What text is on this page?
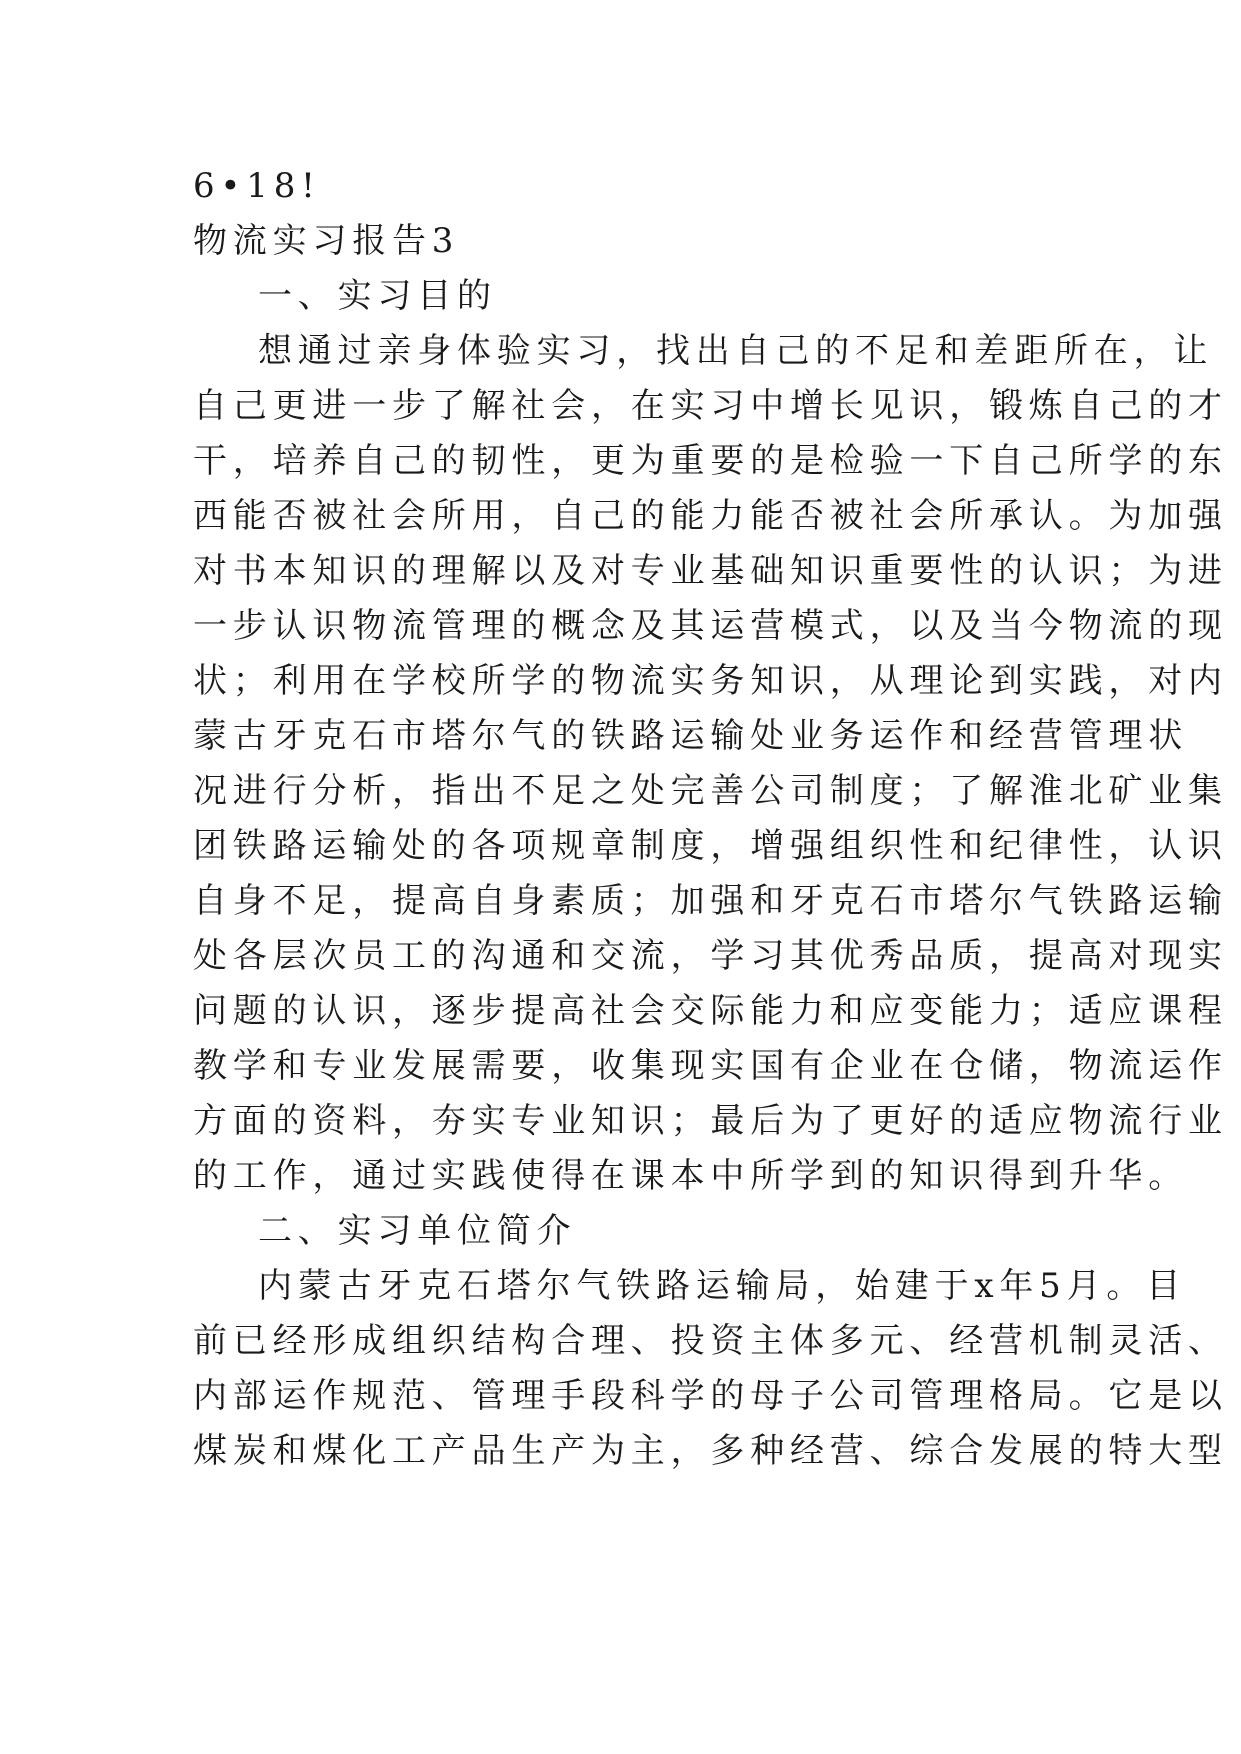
6•18!

物流实习报告3

一、实习目的

想通过亲身体验实习，找出自己的不足和差距所在，让

自己更进一步了解社会，在实习中增长见识，锻炼自己的才

干，培养自己的韧性，更为重要的是检验一下自己所学的东

西能否被社会所用，自己的能力能否被社会所承认。为加强

对书本知识的理解以及对专业基础知识重要性的认识；为进

一步认识物流管理的概念及其运营模式，以及当今物流的现

状；利用在学校所学的物流实务知识，从理论到实践，对内

蒙古牙克石市塔尔气的铁路运输处业务运作和经营管理状

况进行分析，指出不足之处完善公司制度；了解淮北矿业集

团铁路运输处的各项规章制度，增强组织性和纪律性，认识

自身不足，提高自身素质；加强和牙克石市塔尔气铁路运输

处各层次员工的沟通和交流，学习其优秀品质，提高对现实

问题的认识，逐步提高社会交际能力和应变能力；适应课程

教学和专业发展需要，收集现实国有企业在仓储，物流运作

方面的资料，夯实专业知识；最后为了更好的适应物流行业

的工作，通过实践使得在课本中所学到的知识得到升华。

二、实习单位简介

内蒙古牙克石塔尔气铁路运输局，始建于x年5月。目

前已经形成组织结构合理、投资主体多元、经营机制灵活、

内部运作规范、管理手段科学的母子公司管理格局。它是以

煤炭和煤化工产品生产为主，多种经营、综合发展的特大型
